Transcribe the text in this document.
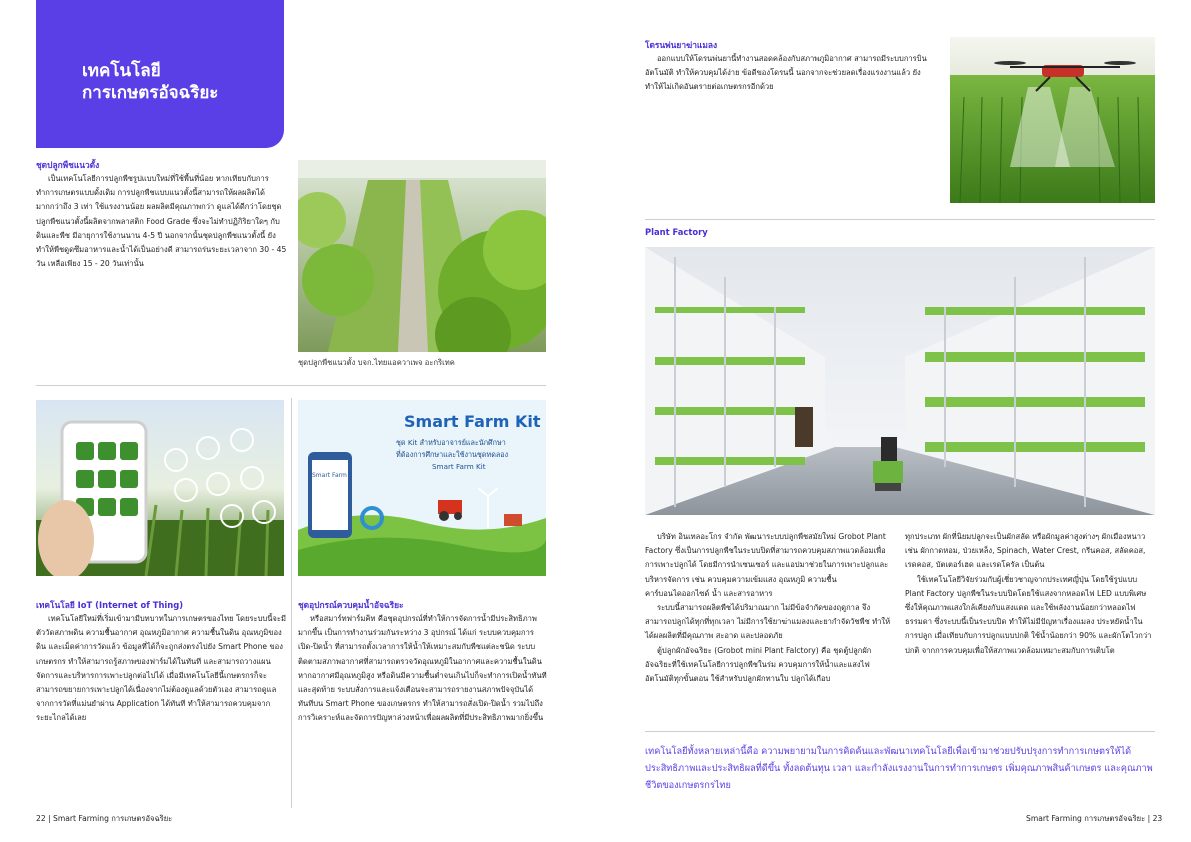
เทคโนโลยี
การเกษตรอัจฉริยะ
ชุดปลูกพืชแนวตั้ง

เป็นเทคโนโลยีการปลูกพืชรูปแบบใหม่ที่ใช้พื้นที่น้อย หากเทียบกับการทำการเกษตรแบบดั้งเดิม การปลูกพืชแบบแนวตั้งนี้สามารถให้ผลผลิตได้มากกว่าถึง 3 เท่า ใช้แรงงานน้อย ผลผลิตมีคุณภาพกว่า ดูแลได้ดีกว่าโดยชุดปลูกพืชแนวตั้งนี้ผลิตจากพลาสติก Food Grade ซึ่งจะไม่ทำปฏิกิริยาใดๆ กับดินและพืช มีอายุการใช้งานนาน 4-5 ปี นอกจากนั้นชุดปลูกพืชแนวตั้งนี้ ยังทำให้พืชดูดซึมอาหารและน้ำได้เป็นอย่างดี สามารถร่นระยะเวลาจาก 30 - 45 วัน เหลือเพียง 15 - 20 วันเท่านั้น

ชุดปลูกพืชแนวตั้ง บจก.ไทยแอควาเพจ อะกริเทค
เทคโนโลยี IoT (Internet of Thing)

เทคโนโลยีใหม่ที่เริ่มเข้ามามีบทบาทในการเกษตรของไทย โดยระบบนี้จะมีตัววัดสภาพดิน ความชื้นอากาศ อุณหภูมิอากาศ ความชื้นในดิน อุณหภูมิของดิน และเม็ดค่าการวัดแล้ว ข้อมูลที่ได้ก็จะถูกส่งตรงไปยัง Smart Phone ของเกษตรกร ทำให้สามารถรู้สภาพของฟาร์มได้ในทันที และสามารถวางแผนจัดการและบริหารการเพาะปลูกต่อไปได้ เมื่อมีเทคโนโลยีนี้เกษตรกรก็จะสามารถขยายการเพาะปลูกได้เนื่องจากไม่ต้องดูแลด้วยตัวเอง สามารถดูแลจากการวัดที่แม่นยำผ่าน Application ได้ทันที ทำให้สามารถควบคุมจากระยะไกลได้เลย

Smart Farm Kit
ชุด Kit สำหรับอาจารย์และนักศึกษา
ที่ต้องการศึกษาและใช้งานชุดทดลอง
Smart Farm Kit
Smart Farm
ชุดอุปกรณ์ควบคุมน้ำอัจฉริยะ

หรือสมาร์ทฟาร์มคิท คือชุดอุปกรณ์ที่ทำให้การจัดการน้ำมีประสิทธิภาพมากขึ้น เป็นการทำงานร่วมกันระหว่าง 3 อุปกรณ์ ได้แก่ ระบบควบคุมการเปิด-ปิดน้ำ ที่สามารถตั้งเวลาการให้น้ำให้เหมาะสมกับพืชแต่ละชนิด ระบบติดตามสภาพอากาศที่สามารถตรวจวัดอุณหภูมิในอากาศและความชื้นในดิน หากอากาศมีอุณหภูมิสูง หรือดินมีความชื้นต่ำจนเกินไปก็จะทำการเปิดน้ำทันที และสุดท้าย ระบบสั่งการและแจ้งเตือนจะสามารถรายงานสภาพปัจจุบันได้ทันทีบน Smart Phone ของเกษตรกร ทำให้สามารถสั่งเปิด-ปิดน้ำ รวมไปถึงการวิเคราะห์และจัดการปัญหาล่วงหน้าเพื่อผลผลิตที่มีประสิทธิภาพมากยิ่งขึ้น

22 | Smart Farming การเกษตรอัจฉริยะ
โดรนพ่นยาฆ่าแมลง

ออกแบบให้โดรนพ่นยานี้ทำงานสอดคล้องกับสภาพภูมิอากาศ สามารถมีระบบการบินอัตโนมัติ ทำให้ควบคุมได้ง่าย ข้อดีของโดรนนี้ นอกจากจะช่วยลดเรื่องแรงงานแล้ว ยังทำให้ไม่เกิดอันตรายต่อเกษตรกรอีกด้วย

Plant Factory

บริษัท อินเทลอะโกร จำกัด พัฒนาระบบปลูกพืชสมัยใหม่ Grobot Plant Factory ซึ่งเป็นการปลูกพืชในระบบปิดที่สามารถควบคุมสภาพแวดล้อมเพื่อการเพาะปลูกได้ โดยมีการนำเซนเซอร์ และแอปมาช่วยในการเพาะปลูกและบริหารจัดการ เช่น ควบคุมความเข้มแสง อุณหภูมิ ความชื้น คาร์บอนไดออกไซด์ น้ำ และสารอาหาร

ระบบนี้สามารถผลิตพืชได้ปริมาณมาก ไม่มีข้อจำกัดของฤดูกาล จึงสามารถปลูกได้ทุกที่ทุกเวลา ไม่มีการใช้ยาฆ่าแมลงและยากำจัดวัชพืช ทำให้ได้ผลผลิตที่มีคุณภาพ สะอาด และปลอดภัย

ตู้ปลูกผักอัจฉริยะ (Grobot mini Plant Falctory) คือ ชุดตู้ปลูกผักอัจฉริยะที่ใช้เทคโนโลยีการปลูกพืชในร่ม ควบคุมการให้น้ำและแสงไฟอัตโนมัติทุกขั้นตอน ใช้สำหรับปลูกผักทานใบ ปลูกได้เกือบ

ทุกประเภท ผักที่นิยมปลูกจะเป็นผักสลัด หรือผักมูลค่าสูงต่างๆ ผักเมืองหนาว เช่น ผักกาดหอม, ป่วยเหล็ง, Spinach, Water Crest, กรีนคอส, สลัดคอส, เรดคอส, บัตเตอร์เฮด และเรดโครัล เป็นต้น

ใช้เทคโนโลยีวิจัยร่วมกับผู้เชี่ยวชาญจากประเทศญี่ปุ่น โดยใช้รูปแบบ Plant Factory ปลูกพืชในระบบปิดโดยใช้แสงจากหลอดไฟ LED แบบพิเศษ ซึ่งให้คุณภาพแสงใกล้เคียงกับแสงแดด และใช้พลังงานน้อยกว่าหลอดไฟธรรมดา ซึ่งระบบนี้เป็นระบบปิด ทำให้ไม่มีปัญหาเรื่องแมลง ประหยัดน้ำในการปลูก เมื่อเทียบกับการปลูกแบบปกติ ใช้น้ำน้อยกว่า 90% และผักโตไวกว่าปกติ จากการควบคุมเพื่อให้สภาพแวดล้อมเหมาะสมกับการเติบโต

เทคโนโลยีทั้งหลายเหล่านี้คือ ความพยายามในการคิดค้นและพัฒนาเทคโนโลยีเพื่อเข้ามาช่วยปรับปรุงการทำการเกษตรให้ได้ประสิทธิภาพและประสิทธิผลที่ดีขึ้น ทั้งลดต้นทุน เวลา และกำลังแรงงานในการทำการเกษตร เพิ่มคุณภาพสินค้าเกษตร และคุณภาพชีวิตของเกษตรกรไทย
Smart Farming การเกษตรอัจฉริยะ | 23
